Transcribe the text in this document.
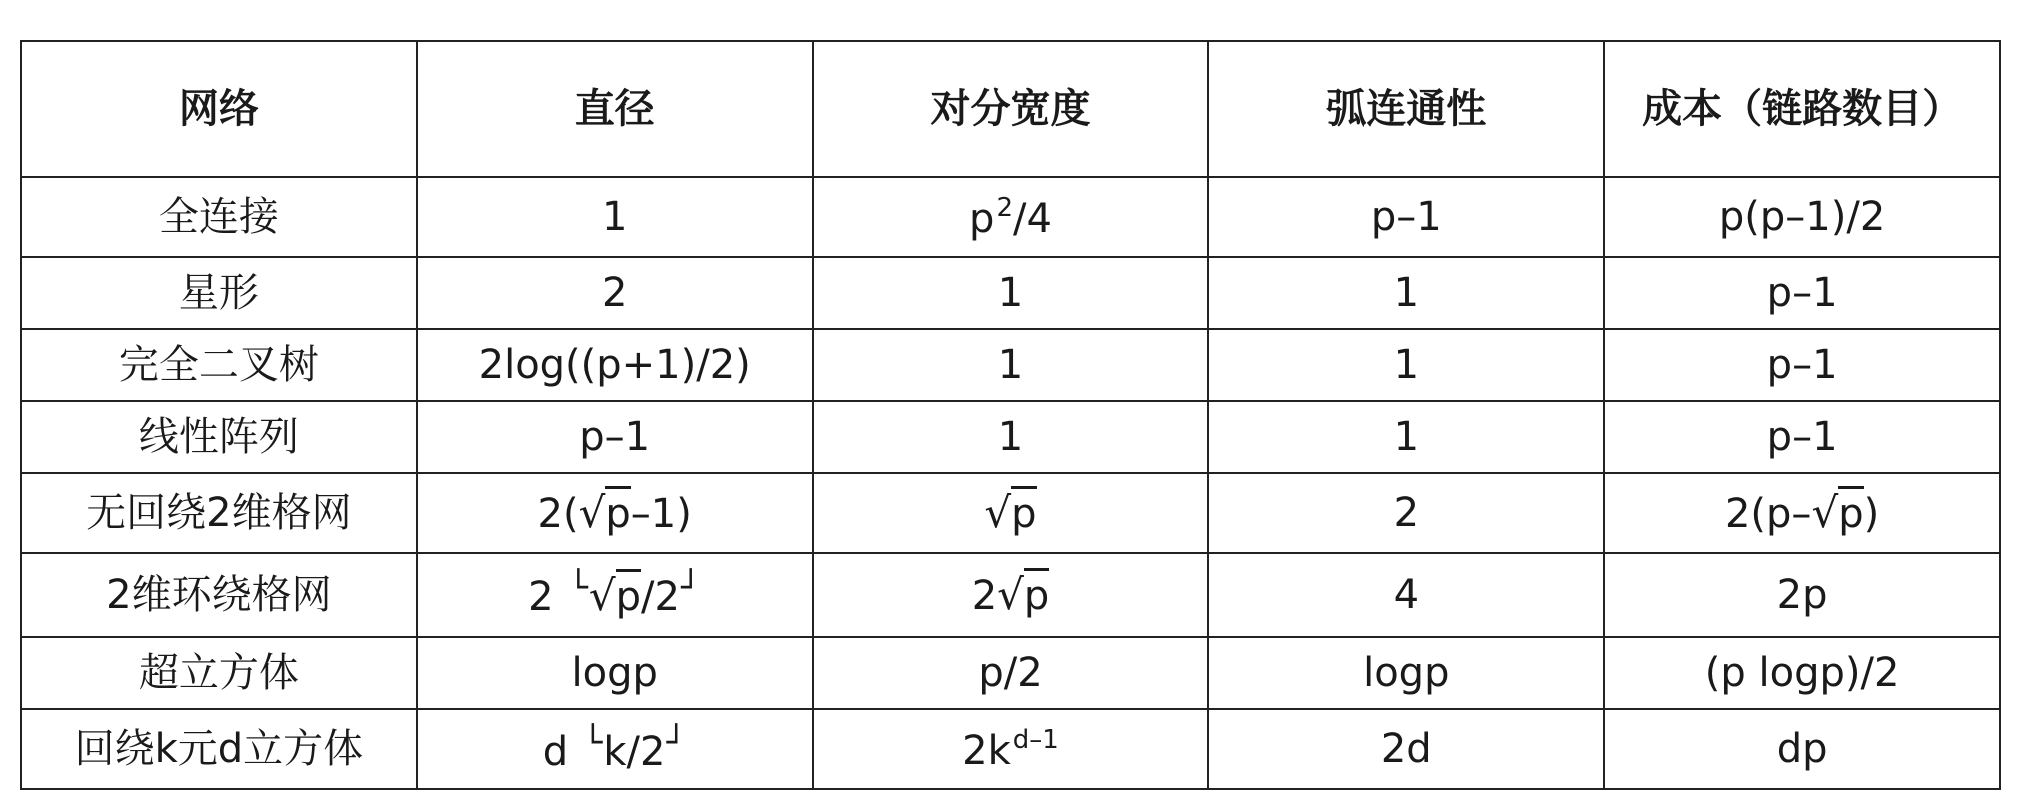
网络	直径	对分宽度	弧连通性	成本（链路数目）
全连接	1	$p^2/4$	p–1	p(p–1)/2
星形	2	1	1	p–1
完全二叉树	2log((p+1)/2)	1	1	p–1
线性阵列	p–1	1	1	p–1
无回绕2维格网	2(√p–1)	√p	2	2(p–√p)
2维环绕格网	2 └√p/2┘	2√p	4	2p
超立方体	logp	p/2	logp	(p logp)/2
回绕k元d立方体	d └k/2┘	$2k^{d-1}$	2d	dp
